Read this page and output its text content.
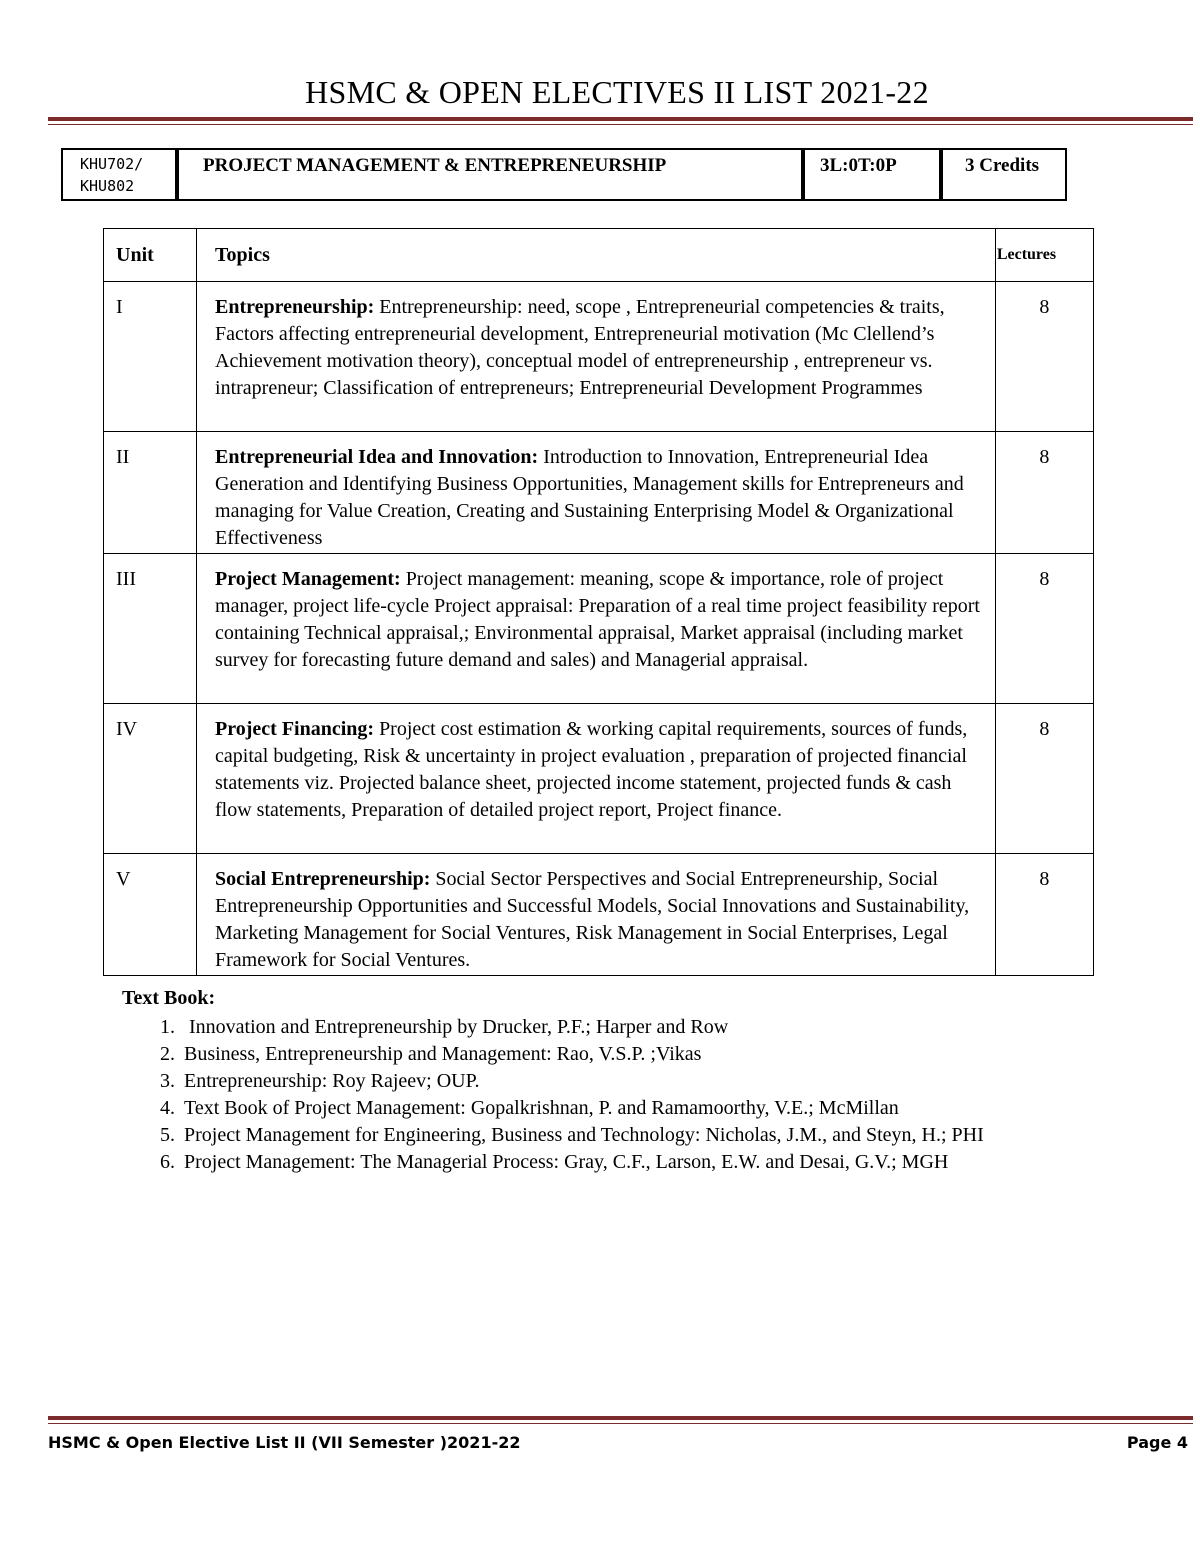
HSMC & OPEN ELECTIVES II LIST 2021-22
KHU702/
KHU802
PROJECT MANAGEMENT & ENTREPRENEURSHIP	3L:0T:0P	3 Credits
Unit	Topics	Lectures
I	Entrepreneurship: Entrepreneurship: need, scope , Entrepreneurial competencies & traits, Factors affecting entrepreneurial development, Entrepreneurial motivation (Mc Clellend’s Achievement motivation theory), conceptual model of entrepreneurship , entrepreneur vs. intrapreneur; Classification of entrepreneurs; Entrepreneurial Development Programmes	8
II	Entrepreneurial Idea and Innovation: Introduction to Innovation, Entrepreneurial Idea Generation and Identifying Business Opportunities, Management skills for Entrepreneurs and managing for Value Creation, Creating and Sustaining Enterprising Model & Organizational Effectiveness	8
III	Project Management: Project management: meaning, scope & importance, role of project manager, project life-cycle Project appraisal: Preparation of a real time project feasibility report containing Technical appraisal,; Environmental appraisal, Market appraisal (including market survey for forecasting future demand and sales) and Managerial appraisal.	8
IV	Project Financing: Project cost estimation & working capital requirements, sources of funds, capital budgeting, Risk & uncertainty in project evaluation , preparation of projected financial statements viz. Projected balance sheet, projected income statement, projected funds & cash flow statements, Preparation of detailed project report, Project finance.	8
V	Social Entrepreneurship: Social Sector Perspectives and Social Entrepreneurship, Social Entrepreneurship Opportunities and Successful Models, Social Innovations and Sustainability, Marketing Management for Social Ventures, Risk Management in Social Enterprises, Legal Framework for Social Ventures.	8
Text Book:
1. Innovation and Entrepreneurship by Drucker, P.F.; Harper and Row
2. Business, Entrepreneurship and Management: Rao, V.S.P. ;Vikas
3. Entrepreneurship: Roy Rajeev; OUP.
4. Text Book of Project Management: Gopalkrishnan, P. and Ramamoorthy, V.E.; McMillan
5. Project Management for Engineering, Business and Technology: Nicholas, J.M., and Steyn, H.; PHI
6. Project Management: The Managerial Process: Gray, C.F., Larson, E.W. and Desai, G.V.; MGH
HSMC & Open Elective List II (VII Semester )2021-22	Page 4
